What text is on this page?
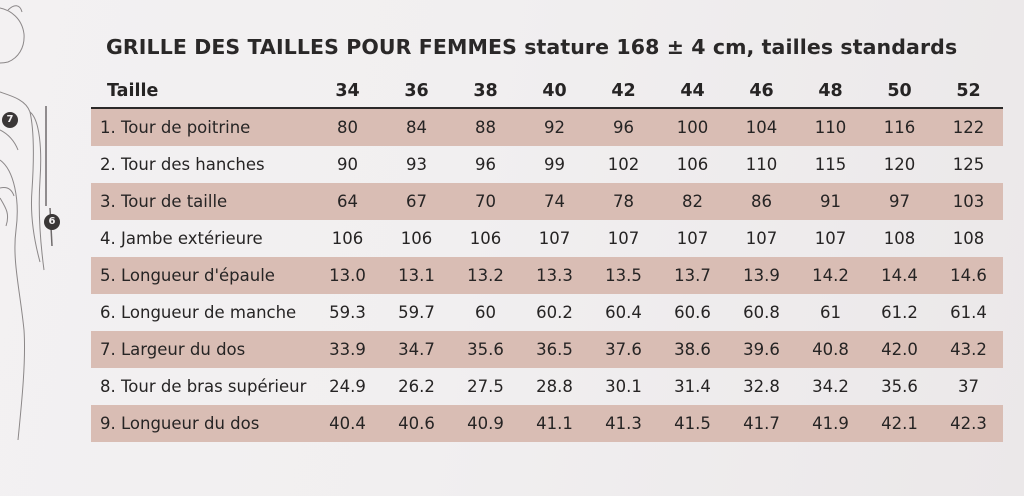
7
6
GRILLE DES TAILLES POUR FEMMES stature 168 ± 4 cm, tailles standards
Taille	34	36	38	40	42	44	46	48	50	52
1. Tour de poitrine	80	84	88	92	96	100	104	110	116	122
2. Tour des hanches	90	93	96	99	102	106	110	115	120	125
3. Tour de taille	64	67	70	74	78	82	86	91	97	103
4. Jambe extérieure	106	106	106	107	107	107	107	107	108	108
5. Longueur d'épaule	13.0	13.1	13.2	13.3	13.5	13.7	13.9	14.2	14.4	14.6
6. Longueur de manche	59.3	59.7	60	60.2	60.4	60.6	60.8	61	61.2	61.4
7. Largeur du dos	33.9	34.7	35.6	36.5	37.6	38.6	39.6	40.8	42.0	43.2
8. Tour de bras supérieur	24.9	26.2	27.5	28.8	30.1	31.4	32.8	34.2	35.6	37
9. Longueur du dos	40.4	40.6	40.9	41.1	41.3	41.5	41.7	41.9	42.1	42.3
